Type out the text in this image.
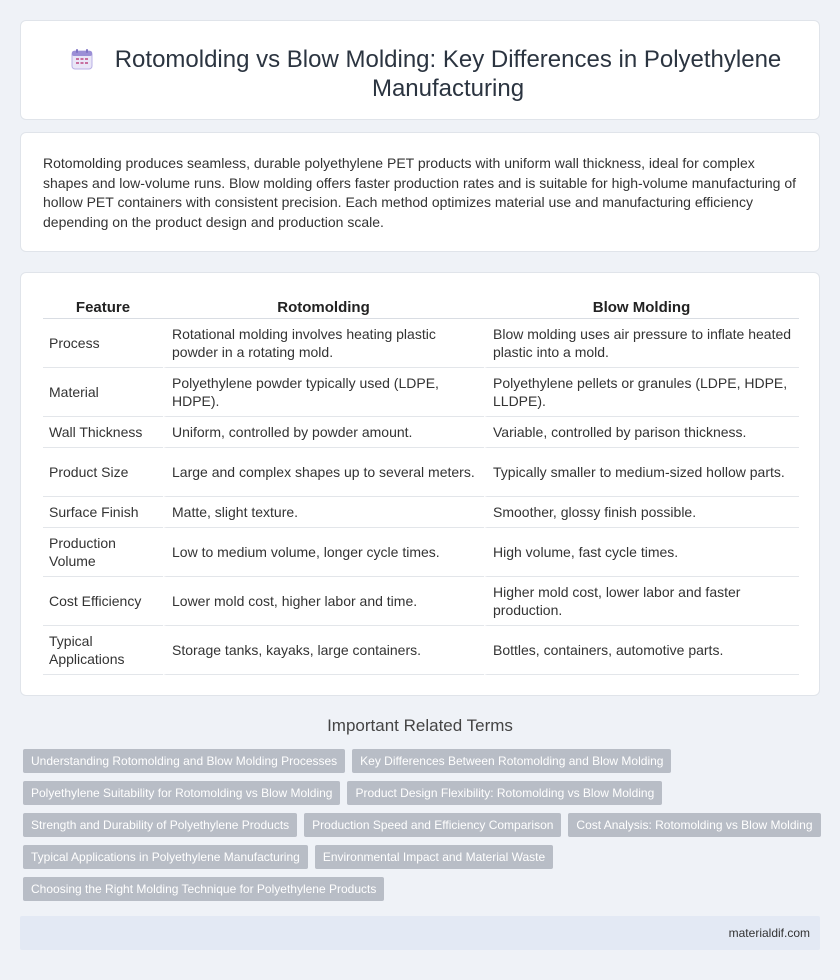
Rotomolding vs Blow Molding: Key Differences in Polyethylene Manufacturing

Rotomolding produces seamless, durable polyethylene PET products with uniform wall thickness, ideal for complex shapes and low-volume runs. Blow molding offers faster production rates and is suitable for high-volume manufacturing of hollow PET containers with consistent precision. Each method optimizes material use and manufacturing efficiency depending on the product design and production scale.

Feature	Rotomolding	Blow Molding
Process	Rotational molding involves heating plastic powder in a rotating mold.	Blow molding uses air pressure to inflate heated plastic into a mold.
Material	Polyethylene powder typically used (LDPE, HDPE).	Polyethylene pellets or granules (LDPE, HDPE, LLDPE).
Wall Thickness	Uniform, controlled by powder amount.	Variable, controlled by parison thickness.
Product Size	Large and complex shapes up to several meters.	Typically smaller to medium-sized hollow parts.
Surface Finish	Matte, slight texture.	Smoother, glossy finish possible.
Production Volume	Low to medium volume, longer cycle times.	High volume, fast cycle times.
Cost Efficiency	Lower mold cost, higher labor and time.	Higher mold cost, lower labor and faster production.
Typical Applications	Storage tanks, kayaks, large containers.	Bottles, containers, automotive parts.
Important Related Terms
Understanding Rotomolding and Blow Molding Processes	Key Differences Between Rotomolding and Blow Molding
Polyethylene Suitability for Rotomolding vs Blow Molding	Product Design Flexibility: Rotomolding vs Blow Molding
Strength and Durability of Polyethylene Products	Production Speed and Efficiency Comparison	Cost Analysis: Rotomolding vs Blow Molding
Typical Applications in Polyethylene Manufacturing	Environmental Impact and Material Waste
Choosing the Right Molding Technique for Polyethylene Products
materialdif.com
